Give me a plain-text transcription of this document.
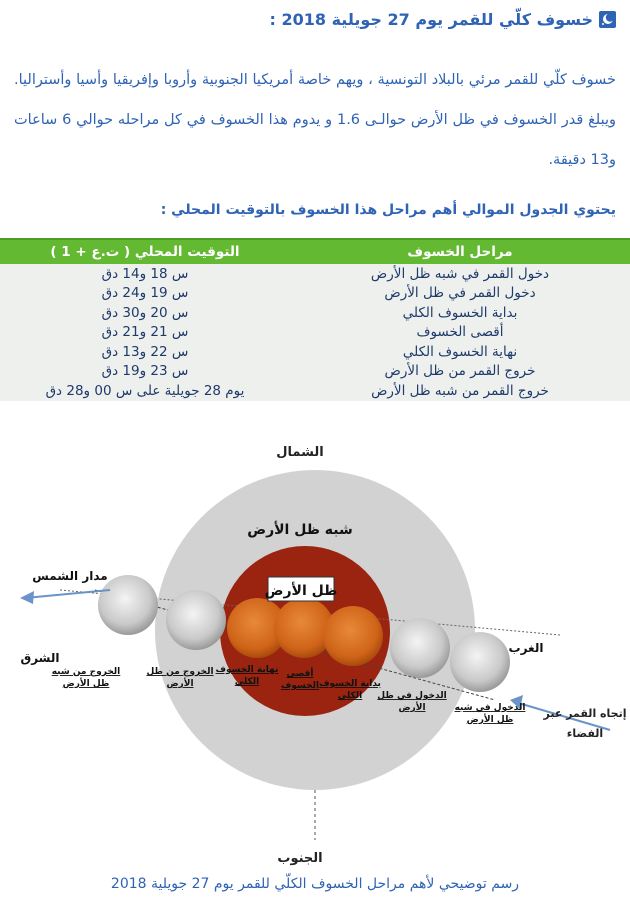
خسوف كلّي للقمر يوم 27 جويلية 2018 :
خسوف كلّي للقمر مرئي بالبلاد التونسية ، ويهم خاصة أمريكيا الجنوبية وأروبا وإفريقيا وأسيا وأستراليا. ويبلغ قدر الخسوف في ظل الأرض حوالـى 1.6 و يدوم هذا الخسوف في كل مراحله حوالي 6 ساعات و13 دقيقة.
يحتوي الجدول الموالي أهم مراحل هذا الخسوف بالتوقيت المحلي :
مراحل الخسوف	التوقيت المحلي ( ت.ع + 1 )
دخول القمر في شبه ظل الأرض	س 18 و14 دق
دخول القمر في ظل الأرض	س 19 و24 دق
بداية الخسوف الكلي	س 20 و30 دق
أقصى الخسوف	س 21 و21 دق
نهاية الخسوف الكلي	س 22 و13 دق
خروج القمر من ظل الأرض	س 23 و19 دق
خروج القمر من شبه ظل الأرض	يوم 28 جويلية على س 00 و28 دق
الشمال
الجنوب
شبه ظل الأرض
ظل الأرض
مدار الشمس
الشرق
الغرب
إتجاه القمر عبر
الفضاء
الخروج من شبه
ظل الأرض
الخروج من ظل
الأرض
نهاية الخسوف
الكلي
أقصى
الخسوف بداية الخسوف
الكلي الدخول في ظل
الأرض	الدخول في شبه
ظل الأرض
رسم توضيحي لأهم مراحل الخسوف الكلّي للقمر يوم 27 جويلية 2018
